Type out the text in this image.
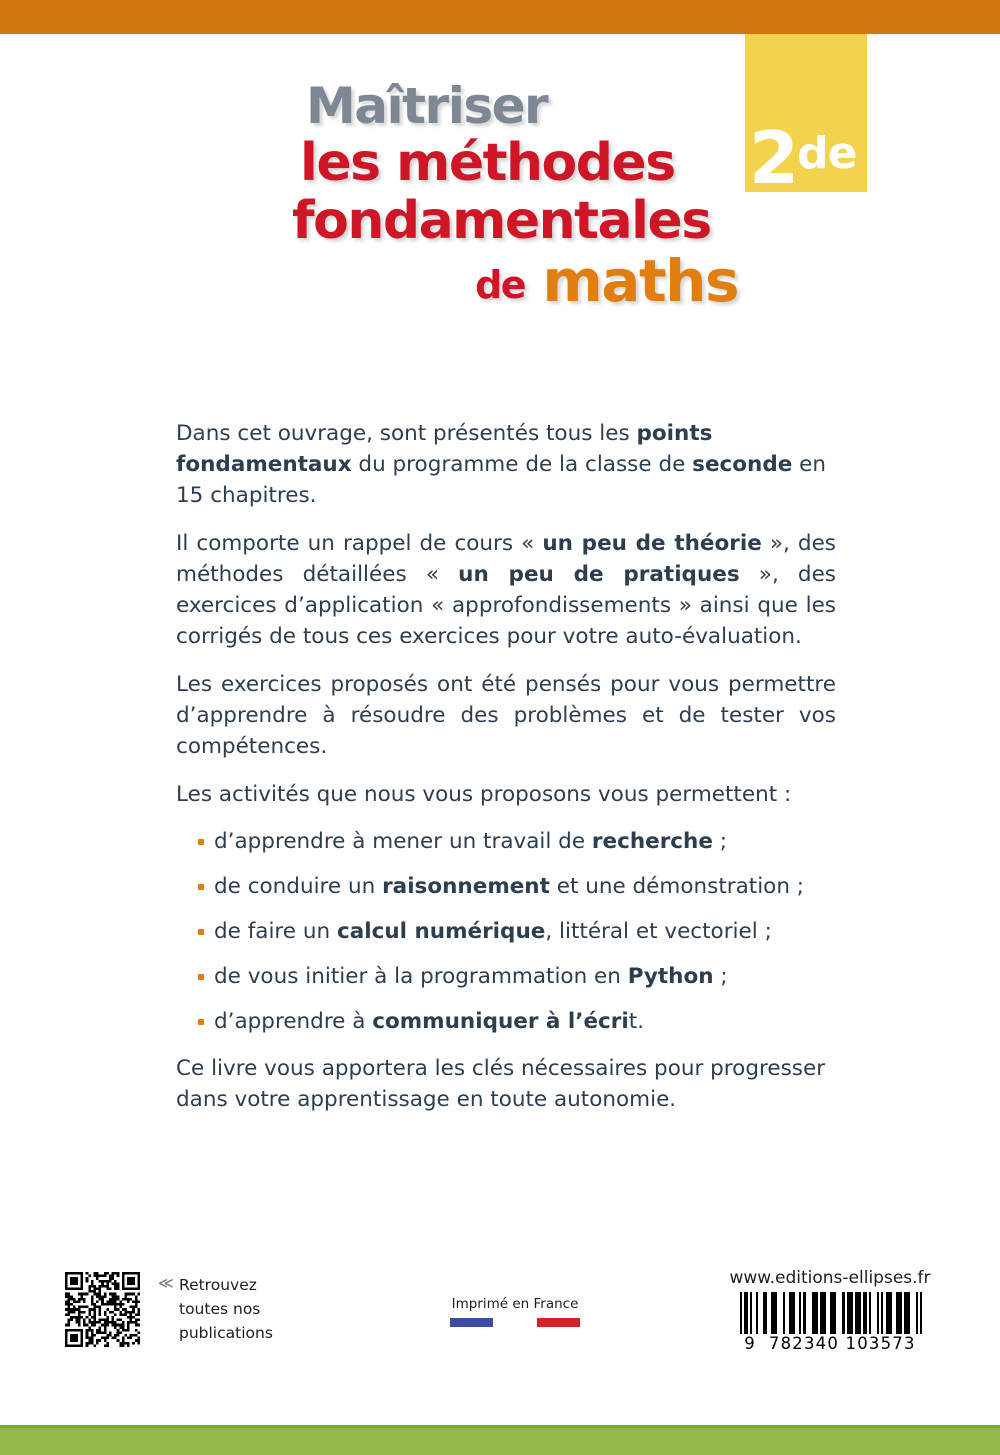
2 de
Maîtriser
les méthodes
fondamentales
de maths

Dans cet ouvrage, sont présentés tous les points fondamentaux du programme de la classe de seconde en 15 chapitres.

Il comporte un rappel de cours « un peu de théorie », des méthodes détaillées « un peu de pratiques », des exercices d’application « approfondissements » ainsi que les corrigés de tous ces exercices pour votre auto-évaluation.

Les exercices proposés ont été pensés pour vous permettre d’apprendre à résoudre des problèmes et de tester vos compétences.

Les activités que nous vous proposons vous permettent :

d’apprendre à mener un travail de recherche ;
de conduire un raisonnement et une démonstration ;
de faire un calcul numérique, littéral et vectoriel ;
de vous initier à la programmation en Python ;
d’apprendre à communiquer à l’écrit.

Ce livre vous apportera les clés nécessaires pour progresser dans votre apprentissage en toute autonomie.

≪ Retrouvez toutes nos publications
Imprimé en France
www.editions-ellipses.fr
9 782340 103573
